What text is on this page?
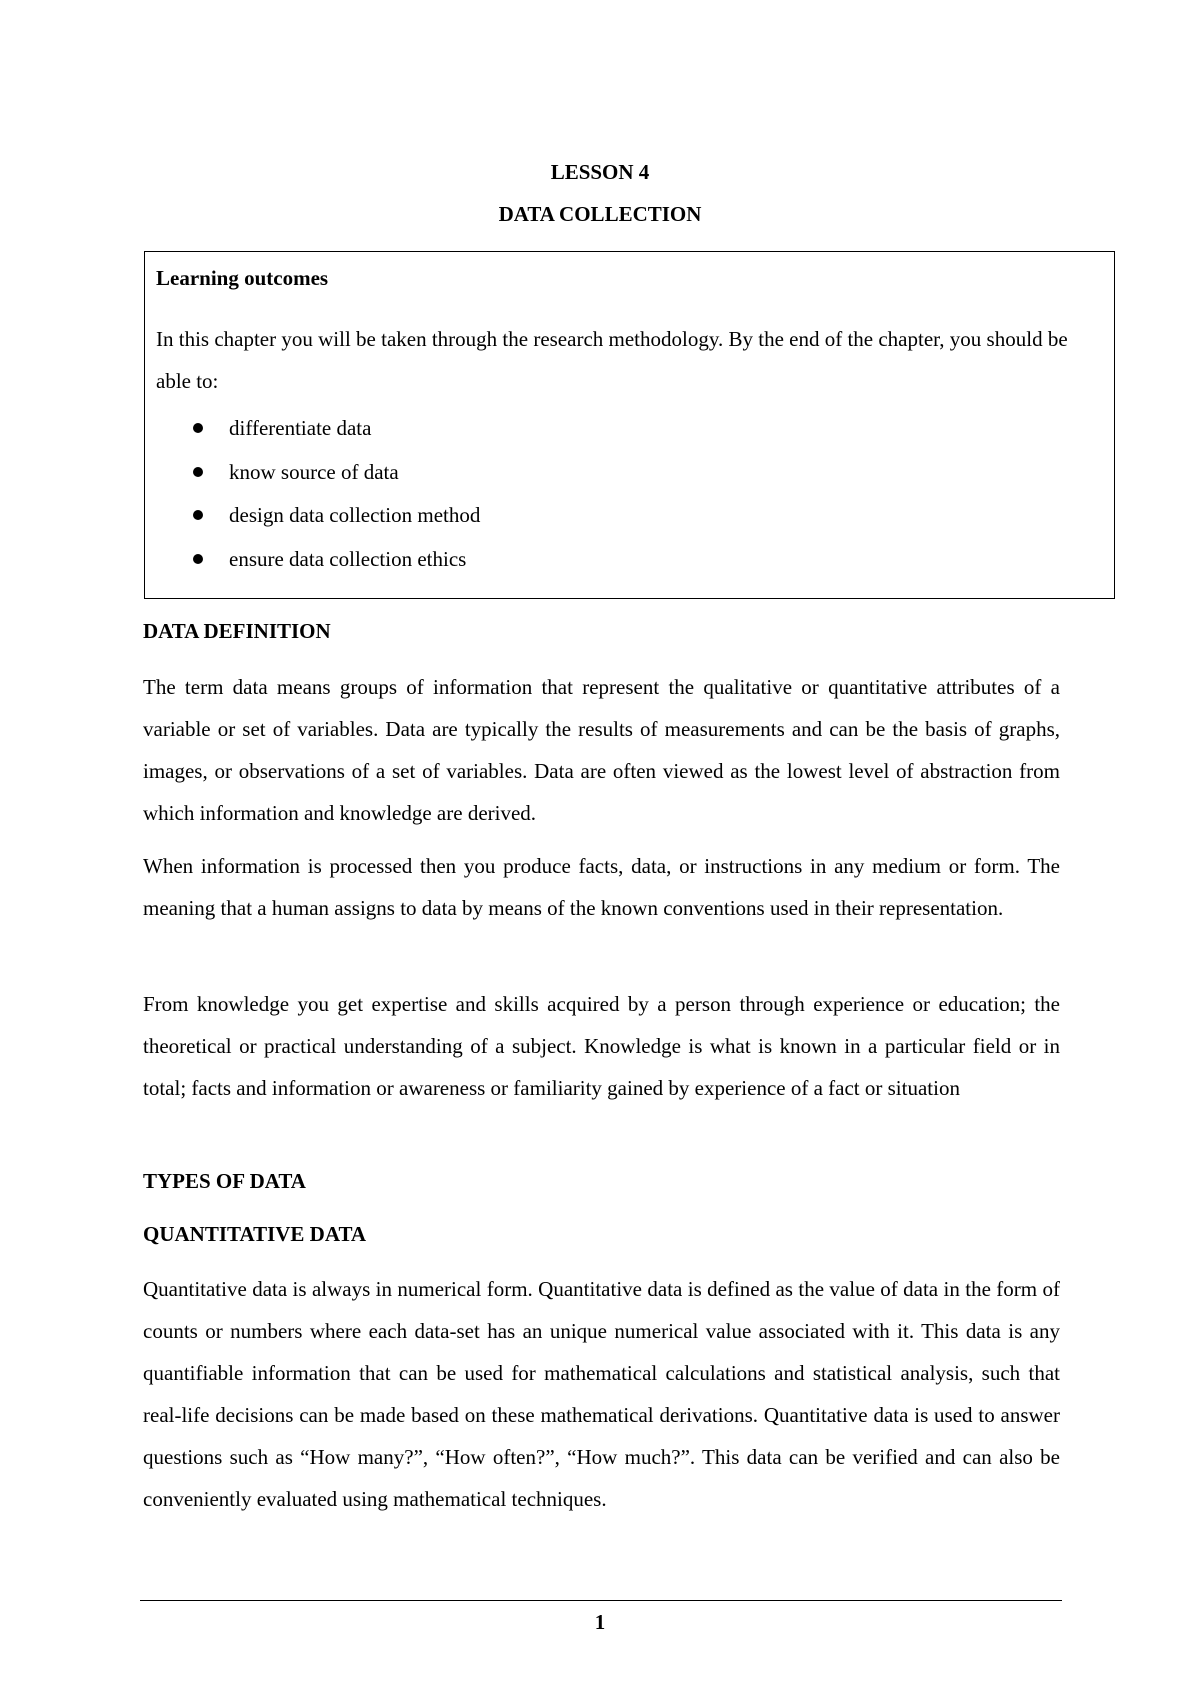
LESSON 4
DATA COLLECTION
Learning outcomes
In this chapter you will be taken through the research methodology. By the end of the chapter, you should be able to:
differentiate data
know source of data
design data collection method
ensure data collection ethics
DATA DEFINITION

The term data means groups of information that represent the qualitative or quantitative attributes of a variable or set of variables. Data are typically the results of measurements and can be the basis of graphs, images, or observations of a set of variables. Data are often viewed as the lowest level of abstraction from which information and knowledge are derived.

When information is processed then you produce facts, data, or instructions in any medium or form. The meaning that a human assigns to data by means of the known conventions used in their representation.

From knowledge you get expertise and skills acquired by a person through experience or education; the theoretical or practical understanding of a subject. Knowledge is what is known in a particular field or in total; facts and information or awareness or familiarity gained by experience of a fact or situation

TYPES OF DATA
QUANTITATIVE DATA

Quantitative data is always in numerical form. Quantitative data is defined as the value of data in the form of counts or numbers where each data-set has an unique numerical value associated with it. This data is any quantifiable information that can be used for mathematical calculations and statistical analysis, such that real-life decisions can be made based on these mathematical derivations. Quantitative data is used to answer questions such as “How many?”, “How often?”, “How much?”. This data can be verified and can also be conveniently evaluated using mathematical techniques.

1
